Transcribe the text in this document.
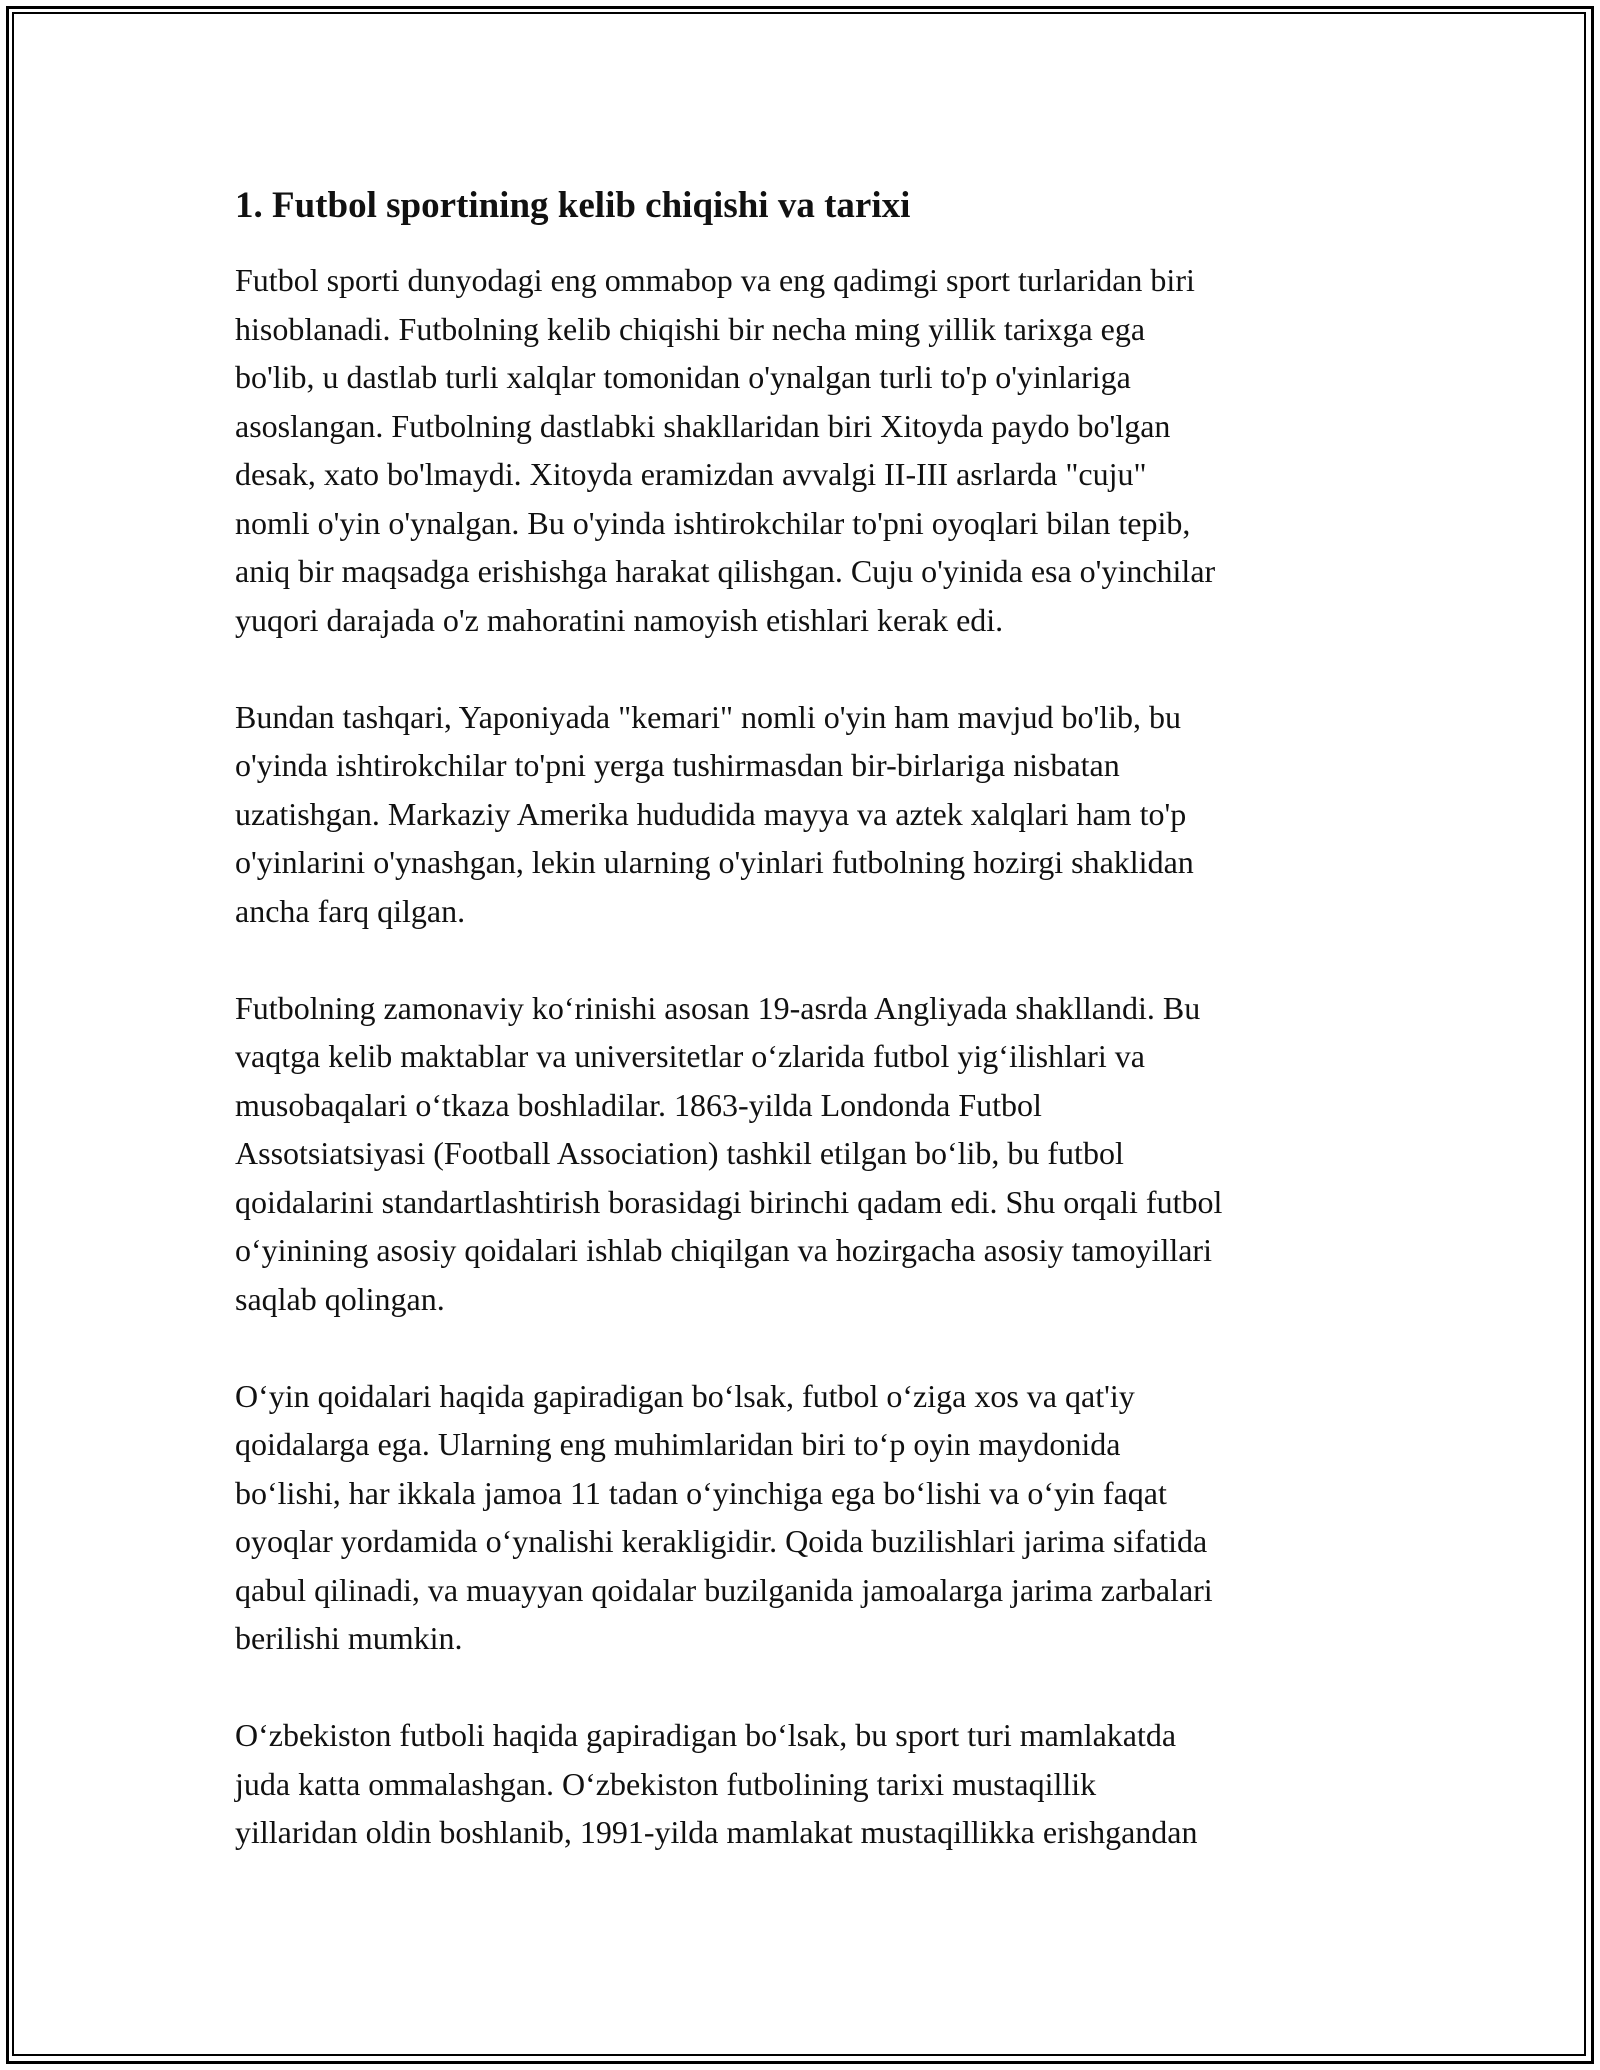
1. Futbol sportining kelib chiqishi va tarixi

Futbol sporti dunyodagi eng ommabop va eng qadimgi sport turlaridan biri
hisoblanadi. Futbolning kelib chiqishi bir necha ming yillik tarixga ega
bo'lib, u dastlab turli xalqlar tomonidan o'ynalgan turli to'p o'yinlariga
asoslangan. Futbolning dastlabki shakllaridan biri Xitoyda paydo bo'lgan
desak, xato bo'lmaydi. Xitoyda eramizdan avvalgi II-III asrlarda "cuju"
nomli o'yin o'ynalgan. Bu o'yinda ishtirokchilar to'pni oyoqlari bilan tepib,
aniq bir maqsadga erishishga harakat qilishgan. Cuju o'yinida esa o'yinchilar
yuqori darajada o'z mahoratini namoyish etishlari kerak edi.

Bundan tashqari, Yaponiyada "kemari" nomli o'yin ham mavjud bo'lib, bu
o'yinda ishtirokchilar to'pni yerga tushirmasdan bir-birlariga nisbatan
uzatishgan. Markaziy Amerika hududida mayya va aztek xalqlari ham to'p
o'yinlarini o'ynashgan, lekin ularning o'yinlari futbolning hozirgi shaklidan
ancha farq qilgan.

Futbolning zamonaviy koʻrinishi asosan 19-asrda Angliyada shakllandi. Bu
vaqtga kelib maktablar va universitetlar oʻzlarida futbol yigʻilishlari va
musobaqalari oʻtkaza boshladilar. 1863-yilda Londonda Futbol
Assotsiatsiyasi (Football Association) tashkil etilgan boʻlib, bu futbol
qoidalarini standartlashtirish borasidagi birinchi qadam edi. Shu orqali futbol
oʻyinining asosiy qoidalari ishlab chiqilgan va hozirgacha asosiy tamoyillari
saqlab qolingan.

Oʻyin qoidalari haqida gapiradigan boʻlsak, futbol oʻziga xos va qat'iy
qoidalarga ega. Ularning eng muhimlaridan biri toʻp oyin maydonida
boʻlishi, har ikkala jamoa 11 tadan oʻyinchiga ega boʻlishi va oʻyin faqat
oyoqlar yordamida oʻynalishi kerakligidir. Qoida buzilishlari jarima sifatida
qabul qilinadi, va muayyan qoidalar buzilganida jamoalarga jarima zarbalari
berilishi mumkin.

Oʻzbekiston futboli haqida gapiradigan boʻlsak, bu sport turi mamlakatda
juda katta ommalashgan. Oʻzbekiston futbolining tarixi mustaqillik
yillaridan oldin boshlanib, 1991-yilda mamlakat mustaqillikka erishgandan
